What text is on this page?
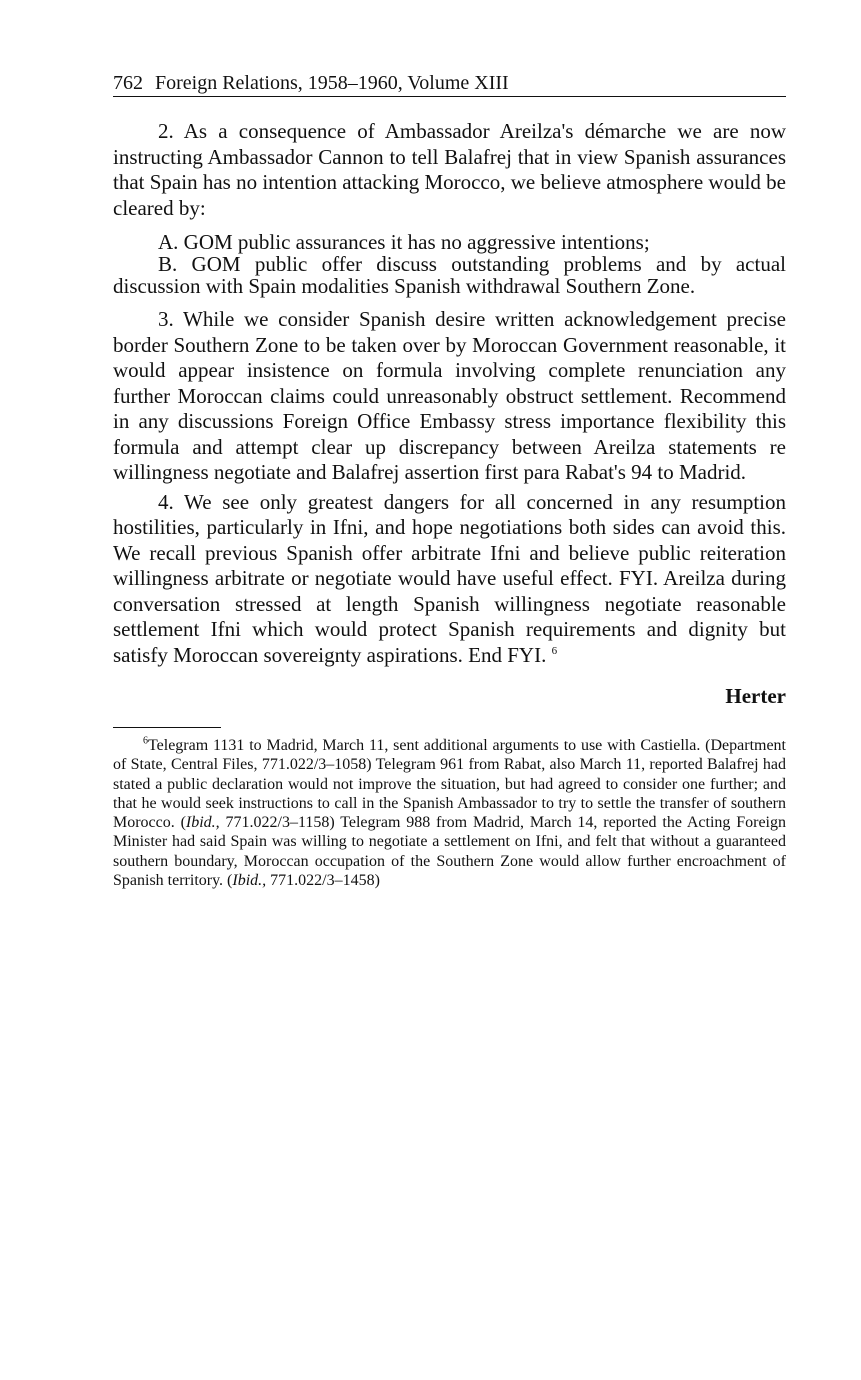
762 Foreign Relations, 1958–1960, Volume XIII

2. As a consequence of Ambassador Areilza's démarche we are now instructing Ambassador Cannon to tell Balafrej that in view Spanish assurances that Spain has no intention attacking Morocco, we believe atmosphere would be cleared by:

A. GOM public assurances it has no aggressive intentions;

B. GOM public offer discuss outstanding problems and by actual discussion with Spain modalities Spanish withdrawal Southern Zone.

3. While we consider Spanish desire written acknowledgement precise border Southern Zone to be taken over by Moroccan Government reasonable, it would appear insistence on formula involving complete renunciation any further Moroccan claims could unreasonably obstruct settlement. Recommend in any discussions Foreign Office Embassy stress importance flexibility this formula and attempt clear up discrepancy between Areilza statements re willingness negotiate and Balafrej assertion first para Rabat's 94 to Madrid.

4. We see only greatest dangers for all concerned in any resumption hostilities, particularly in Ifni, and hope negotiations both sides can avoid this. We recall previous Spanish offer arbitrate Ifni and believe public reiteration willingness arbitrate or negotiate would have useful effect. FYI. Areilza during conversation stressed at length Spanish willingness negotiate reasonable settlement Ifni which would protect Spanish requirements and dignity but satisfy Moroccan sovereignty aspirations. End FYI. $^6$

Herter
$^6$Telegram 1131 to Madrid, March 11, sent additional arguments to use with Castiella. (Department of State, Central Files, 771.022/3–1058) Telegram 961 from Rabat, also March 11, reported Balafrej had stated a public declaration would not improve the situation, but had agreed to consider one further; and that he would seek instructions to call in the Spanish Ambassador to try to settle the transfer of southern Morocco. (Ibid., 771.022/3–1158) Telegram 988 from Madrid, March 14, reported the Acting Foreign Minister had said Spain was willing to negotiate a settlement on Ifni, and felt that without a guaranteed southern boundary, Moroccan occupation of the Southern Zone would allow further encroachment of Spanish territory. (Ibid., 771.022/3–1458)
